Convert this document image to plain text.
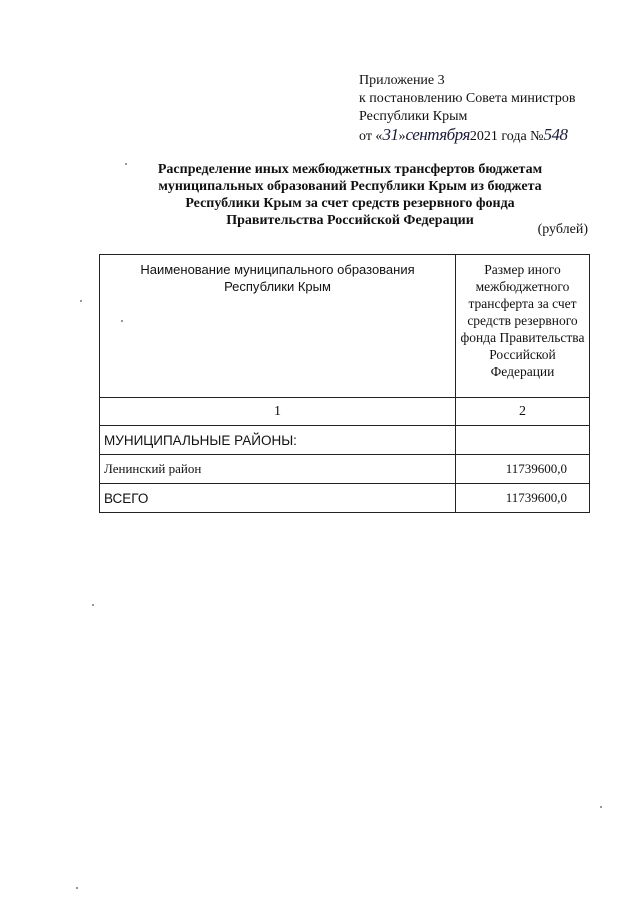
Приложение 3
к постановлению Совета министров
Республики Крым
от «31»сентября2021 года №548
Распределение иных межбюджетных трансфертов бюджетам
муниципальных образований Республики Крым из бюджета
Республики Крым за счет средств резервного фонда
Правительства Российской Федерации
(рублей)
Наименование муниципального образования Республики Крым	Размер иного межбюджетного трансферта за счет средств резервного фонда Правительства Российской Федерации
1	2
МУНИЦИПАЛЬНЫЕ РАЙОНЫ:	
Ленинский район	11739600,0
ВСЕГО	11739600,0
